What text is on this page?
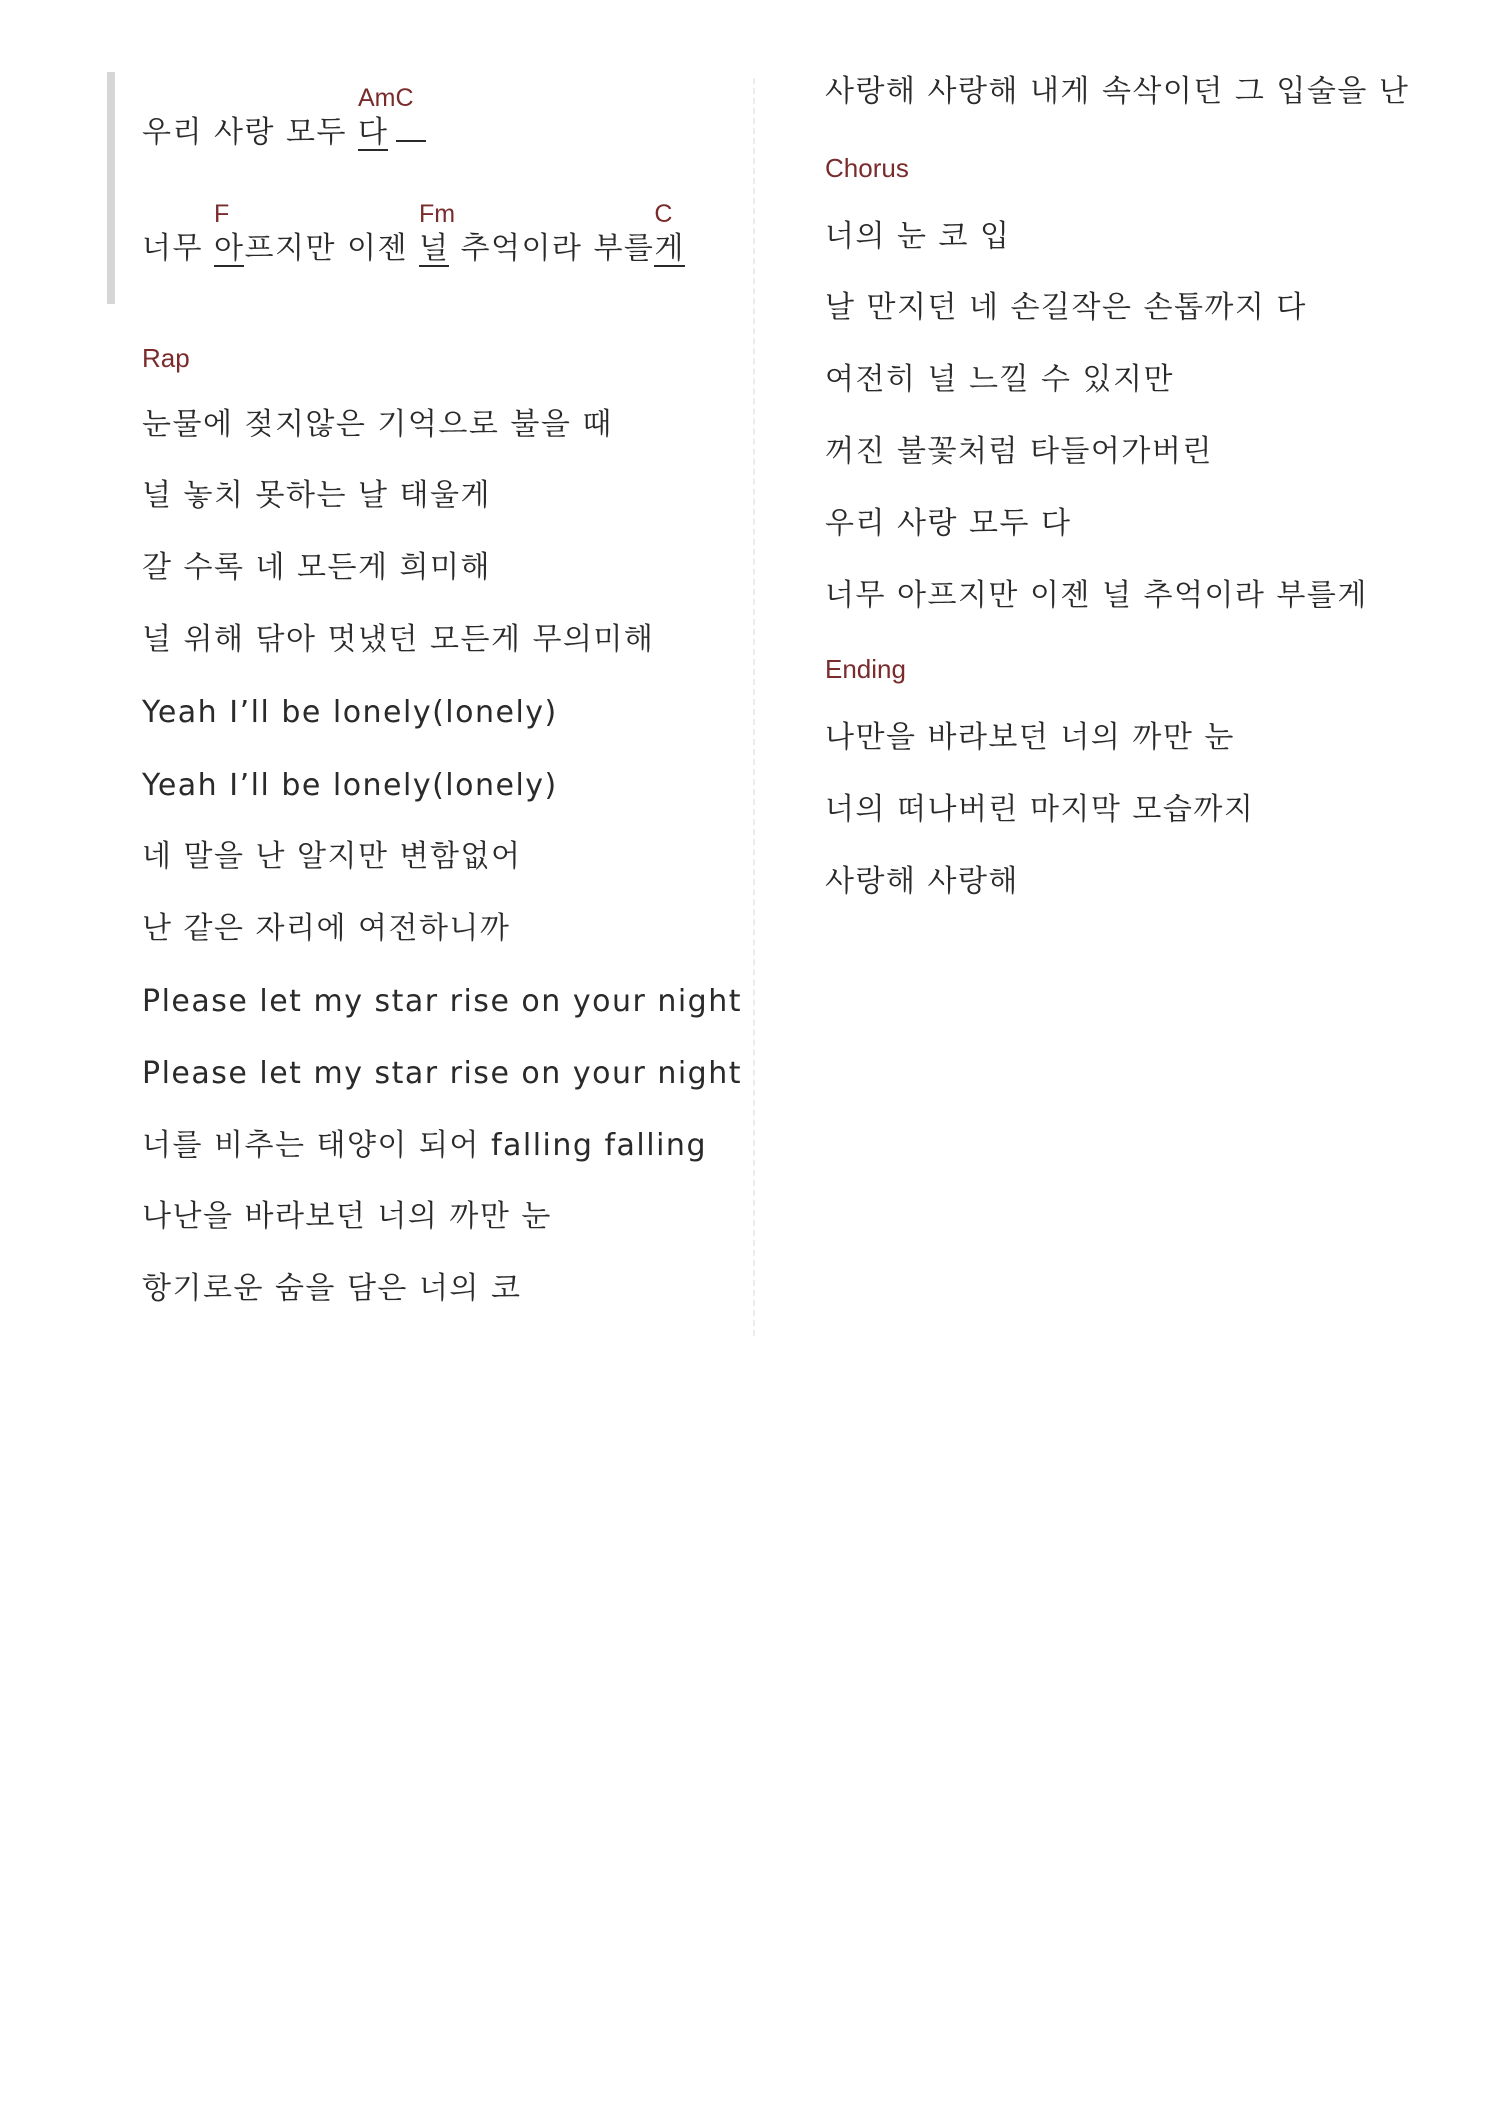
우리 사랑 모두 다
AmC
너무 아
F
프지만 이젠 널
Fm
추억이라 부를게
C
Rap
눈물에 젖지않은 기억으로 불을 때
널 놓치 못하는 날 태울게
갈 수록 네 모든게 희미해
널 위해 닦아 멋냈던 모든게 무의미해
Yeah I’ll be lonely(lonely)
Yeah I’ll be lonely(lonely)
네 말을 난 알지만 변함없어
난 같은 자리에 여전하니까
Please let my star rise on your night
Please let my star rise on your night
너를 비추는 태양이 되어 falling falling
나난을 바라보던 너의 까만 눈
항기로운 숨을 담은 너의 코
사랑해 사랑해 내게 속삭이던 그 입술을 난
Chorus
너의 눈 코 입
날 만지던 네 손길작은 손톱까지 다
여전히 널 느낄 수 있지만
꺼진 불꽃처럼 타들어가버린
우리 사랑 모두 다
너무 아프지만 이젠 널 추억이라 부를게
Ending
나만을 바라보던 너의 까만 눈
너의 떠나버린 마지막 모습까지
사랑해 사랑해
